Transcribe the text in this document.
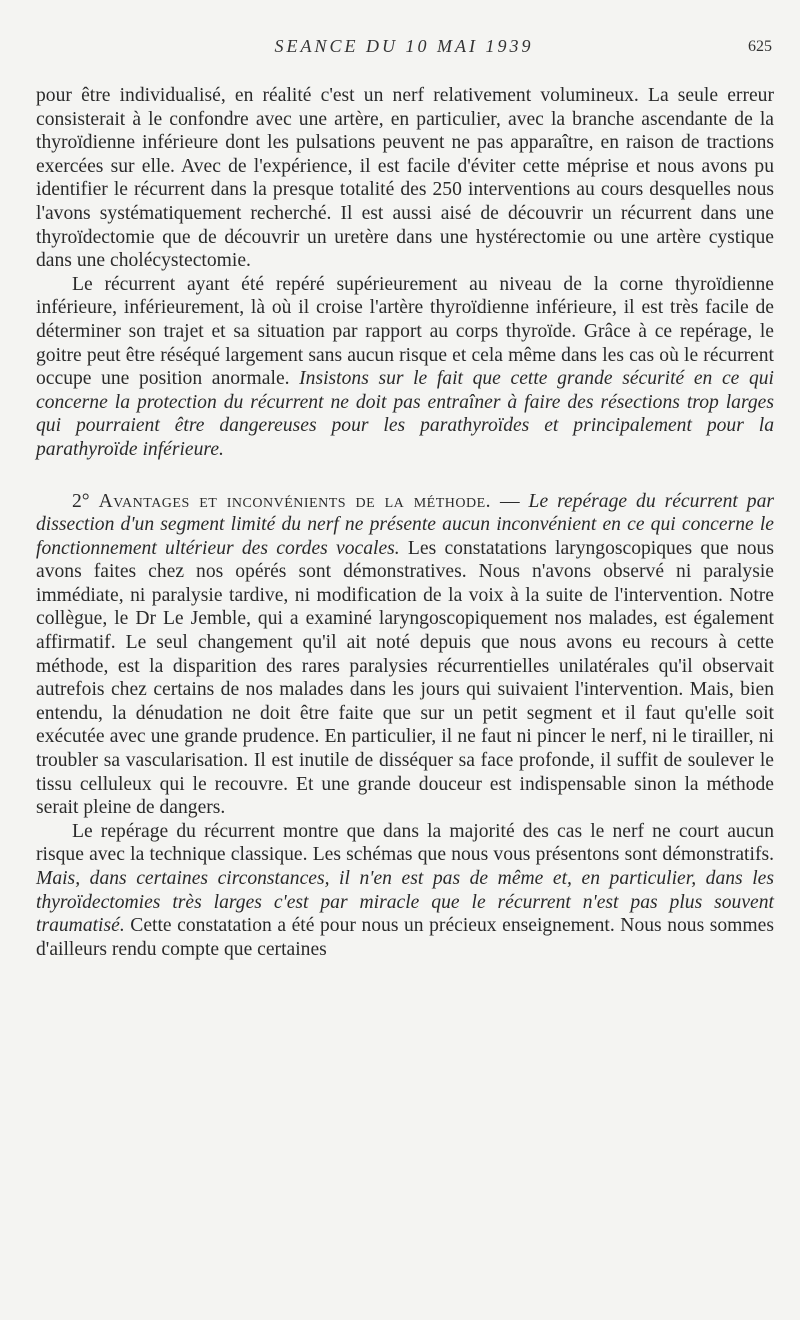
SEANCE DU 10 MAI 1939	625

pour être individualisé, en réalité c'est un nerf relativement volumineux. La seule erreur consisterait à le confondre avec une artère, en particulier, avec la branche ascendante de la thyroïdienne inférieure dont les pulsations peuvent ne pas apparaître, en raison de tractions exercées sur elle. Avec de l'expérience, il est facile d'éviter cette méprise et nous avons pu identifier le récurrent dans la presque totalité des 250 interventions au cours desquelles nous l'avons systématiquement recherché. Il est aussi aisé de découvrir un récurrent dans une thyroïdectomie que de découvrir un uretère dans une hystérectomie ou une artère cystique dans une cholécystectomie.

Le récurrent ayant été repéré supérieurement au niveau de la corne thyroïdienne inférieure, inférieurement, là où il croise l'artère thyroïdienne inférieure, il est très facile de déterminer son trajet et sa situation par rapport au corps thyroïde. Grâce à ce repérage, le goitre peut être réséqué largement sans aucun risque et cela même dans les cas où le récurrent occupe une position anormale. Insistons sur le fait que cette grande sécurité en ce qui concerne la protection du récurrent ne doit pas entraîner à faire des résections trop larges qui pourraient être dangereuses pour les parathyroïdes et principalement pour la parathyroïde inférieure.

2° Avantages et inconvénients de la méthode. — Le repérage du récurrent par dissection d'un segment limité du nerf ne présente aucun inconvénient en ce qui concerne le fonctionnement ultérieur des cordes vocales. Les constatations laryngoscopiques que nous avons faites chez nos opérés sont démonstratives. Nous n'avons observé ni paralysie immédiate, ni paralysie tardive, ni modification de la voix à la suite de l'intervention. Notre collègue, le Dr Le Jemble, qui a examiné laryngoscopiquement nos malades, est également affirmatif. Le seul changement qu'il ait noté depuis que nous avons eu recours à cette méthode, est la disparition des rares paralysies récurrentielles unilatérales qu'il observait autrefois chez certains de nos malades dans les jours qui suivaient l'intervention. Mais, bien entendu, la dénudation ne doit être faite que sur un petit segment et il faut qu'elle soit exécutée avec une grande prudence. En particulier, il ne faut ni pincer le nerf, ni le tirailler, ni troubler sa vascularisation. Il est inutile de disséquer sa face profonde, il suffit de soulever le tissu celluleux qui le recouvre. Et une grande douceur est indispensable sinon la méthode serait pleine de dangers.

Le repérage du récurrent montre que dans la majorité des cas le nerf ne court aucun risque avec la technique classique. Les schémas que nous vous présentons sont démonstratifs. Mais, dans certaines circonstances, il n'en est pas de même et, en particulier, dans les thyroïdectomies très larges c'est par miracle que le récurrent n'est pas plus souvent traumatisé. Cette constatation a été pour nous un précieux enseignement. Nous nous sommes d'ailleurs rendu compte que certaines
